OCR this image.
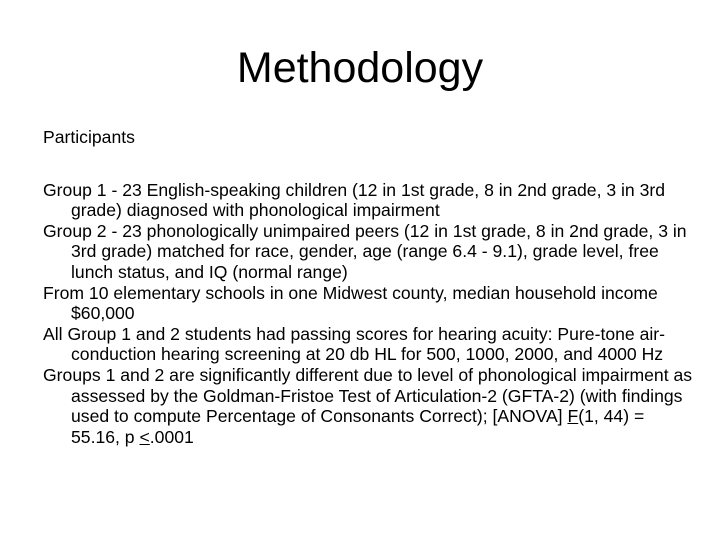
Methodology

Participants

Group 1 - 23 English-speaking children (12 in 1st grade, 8 in 2nd grade, 3 in 3rd grade) diagnosed with phonological impairment

Group 2 - 23 phonologically unimpaired peers (12 in 1st grade, 8 in 2nd grade, 3 in 3rd grade) matched for race, gender, age (range 6.4 - 9.1), grade level, free lunch status, and IQ (normal range)

From 10 elementary schools in one Midwest county, median household income $60,000

All Group 1 and 2 students had passing scores for hearing acuity: Pure-tone air-conduction hearing screening at 20 db HL for 500, 1000, 2000, and 4000 Hz

Groups 1 and 2 are significantly different due to level of phonological impairment as assessed by the Goldman-Fristoe Test of Articulation-2 (GFTA-2) (with findings used to compute Percentage of Consonants Correct); [ANOVA] F(1, 44) = 55.16, p ≤.0001
